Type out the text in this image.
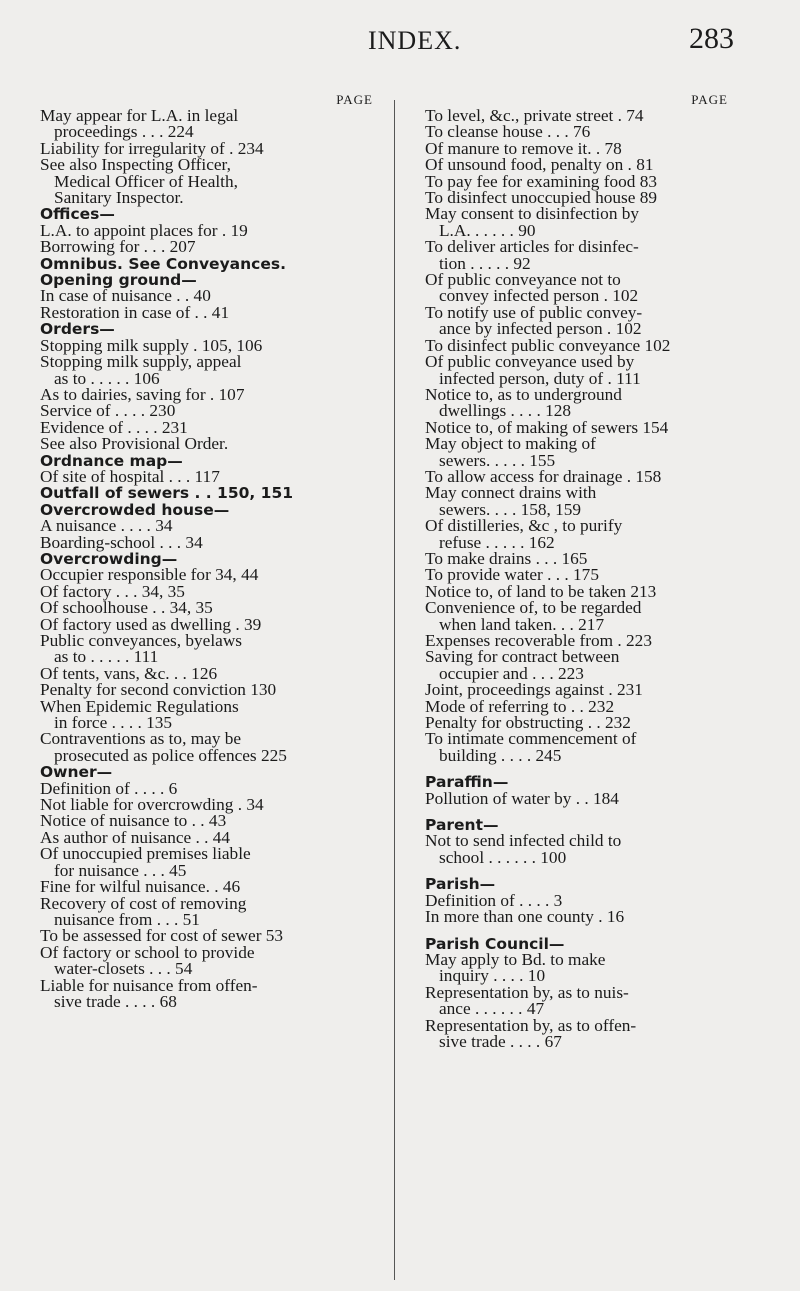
INDEX.	283
PAGE
May appear for L.A. in legal
proceedings . . . 224
Liability for irregularity of . 234
See also Inspecting Officer,
Medical Officer of Health,
Sanitary Inspector.
Offices—
L.A. to appoint places for . 19
Borrowing for . . . 207
Omnibus. See Conveyances.
Opening ground—
In case of nuisance . . 40
Restoration in case of . . 41
Orders—
Stopping milk supply . 105, 106
Stopping milk supply, appeal
as to . . . . . 106
As to dairies, saving for . 107
Service of . . . . 230
Evidence of . . . . 231
See also Provisional Order.
Ordnance map—
Of site of hospital . . . 117
Outfall of sewers . . 150, 151
Overcrowded house—
A nuisance . . . . 34
Boarding-school . . . 34
Overcrowding—
Occupier responsible for 34, 44
Of factory . . . 34, 35
Of schoolhouse . . 34, 35
Of factory used as dwelling . 39
Public conveyances, byelaws
as to . . . . . 111
Of tents, vans, &c. . . 126
Penalty for second conviction 130
When Epidemic Regulations
in force . . . . 135
Contraventions as to, may be
prosecuted as police offences 225
Owner—
Definition of . . . . 6
Not liable for overcrowding . 34
Notice of nuisance to . . 43
As author of nuisance . . 44
Of unoccupied premises liable
for nuisance . . . 45
Fine for wilful nuisance. . 46
Recovery of cost of removing
nuisance from . . . 51
To be assessed for cost of sewer 53
Of factory or school to provide
water-closets . . . 54
Liable for nuisance from offen-
sive trade . . . . 68
PAGE
To level, &c., private street . 74
To cleanse house . . . 76
Of manure to remove it. . 78
Of unsound food, penalty on . 81
To pay fee for examining food 83
To disinfect unoccupied house 89
May consent to disinfection by
L.A. . . . . . 90
To deliver articles for disinfec-
tion . . . . . 92
Of public conveyance not to
convey infected person . 102
To notify use of public convey-
ance by infected person . 102
To disinfect public conveyance 102
Of public conveyance used by
infected person, duty of . 111
Notice to, as to underground
dwellings . . . . 128
Notice to, of making of sewers 154
May object to making of
sewers. . . . . 155
To allow access for drainage . 158
May connect drains with
sewers. . . . 158, 159
Of distilleries, &c , to purify
refuse . . . . . 162
To make drains . . . 165
To provide water . . . 175
Notice to, of land to be taken 213
Convenience of, to be regarded
when land taken. . . 217
Expenses recoverable from . 223
Saving for contract between
occupier and . . . 223
Joint, proceedings against . 231
Mode of referring to . . 232
Penalty for obstructing . . 232
To intimate commencement of
building . . . . 245
Paraffin—
Pollution of water by . . 184
Parent—
Not to send infected child to
school . . . . . . 100
Parish—
Definition of . . . . 3
In more than one county . 16
Parish Council—
May apply to Bd. to make
inquiry . . . . 10
Representation by, as to nuis-
ance . . . . . . 47
Representation by, as to offen-
sive trade . . . . 67
